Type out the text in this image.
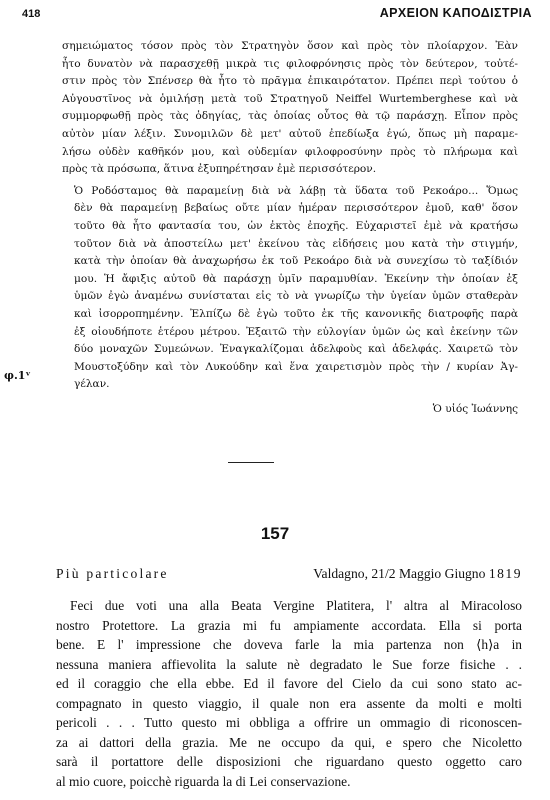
418	ΑΡΧΕΙΟΝ ΚΑΠΟΔΙΣΤΡΙΑ

σημειώματος τόσον πρὸς τὸν Στρατηγὸν ὅσον καὶ πρὸς τὸν πλοίαρχον. Ἐὰν
ἦτο δυνατὸν νὰ παρασχεθῇ μικρὰ τις φιλοφρόνησις πρὸς τὸν δεύτερον, τοὐτέ-
στιν πρὸς τὸν Σπένσερ θὰ ἦτο τὸ πρᾶγμα ἐπικαιρότατον. Πρέπει περὶ τούτου ὁ
Αὐγουστῖνος νὰ ὁμιλήσῃ μετὰ τοῦ Στρατηγοῦ Neiffel Wurtemberghese καὶ νὰ
συμμορφωθῇ πρὸς τὰς ὁδηγίας, τὰς ὁποίας οὗτος θὰ τῷ παράσχῃ. Εἶπον πρὸς
αὐτὸν μίαν λέξιν. Συνομιλῶν δὲ μετ' αὐτοῦ ἐπεδίωξα ἐγώ, ὅπως μὴ παραμε-
λήσω οὐδὲν καθῆκόν μου, καὶ οὐδεμίαν φιλοφροσύνην πρὸς τὸ πλήρωμα καὶ
πρὸς τὰ πρόσωπα, ἅτινα ἐξυπηρέτησαν ἐμὲ περισσότερον.

Ὁ Ροδόσταμος θὰ παραμείνῃ διὰ νὰ λάβῃ τὰ ὕδατα τοῦ Ρεκοάρο... Ὅμως
δὲν θὰ παραμείνῃ βεβαίως οὔτε μίαν ἡμέραν περισσότερον ἐμοῦ, καθ' ὅσον
τοῦτο θὰ ἦτο φαντασία του, ὡν ἐκτὸς ἐποχῆς. Εὐχαριστεῖ ἐμὲ νὰ κρατήσω
τοῦτον διὰ νὰ ἀποστείλω μετ' ἐκείνου τὰς εἰδήσεις μου κατὰ τὴν στιγμήν,
κατὰ τὴν ὁποίαν θὰ ἀναχωρήσω ἐκ τοῦ Ρεκοάρο διὰ νὰ συνεχίσω τὸ ταξίδιόν
μου. Ἡ ἄφιξις αὐτοῦ θὰ παράσχῃ ὑμῖν παραμυθίαν. Ἐκείνην τὴν ὁποίαν ἐξ
ὑμῶν ἐγὼ ἀναμένω συνίσταται εἰς τὸ νὰ γνωρίζω τὴν ὑγείαν ὑμῶν σταθερὰν
καὶ ἰσορροπημένην. Ἐλπίζω δὲ ἐγὼ τοῦτο ἐκ τῆς κανονικῆς διατροφῆς παρὰ
ἐξ οἱουδήποτε ἑτέρου μέτρου. Ἐξαιτῶ τὴν εὐλογίαν ὑμῶν ὡς καὶ ἐκείνην τῶν
δύο μοναχῶν Συμεώνων. Ἐναγκαλίζομαι ἀδελφοὺς καὶ ἀδελφάς. Χαιρετῶ τὸν
Μουστοξύδην καὶ τὸν Λυκούδην καὶ ἕνα χαιρετισμὸν πρὸς τὴν / κυρίαν Ἀγ-
γέλαν.

φ.1ᵛ
Ὁ υἱός Ἰωάννης
157
Più particolare	Valdagno, 21/2 Maggio Giugno 1819
Feci due voti una alla Beata Vergine Platitera, l' altra al Miracoloso
nostro Protettore. La grazia mi fu ampiamente accordata. Ella si porta
bene. E l' impressione che doveva farle la mia partenza non ⟨h⟩a in
nessuna maniera affievolita la salute nè degradato le Sue forze fisiche . .
ed il coraggio che ella ebbe. Ed il favore del Cielo da cui sono stato ac-
compagnato in questo viaggio, il quale non era assente da molti e molti
pericoli . . . Tutto questo mi obbliga a offrire un ommagio di riconoscen-
za ai dattori della grazia. Me ne occupo da qui, e spero che Nicoletto
sarà il portattore delle disposizioni che riguardano questo oggetto caro
al mio cuore, poicchè riguarda la di Lei conservazione.
